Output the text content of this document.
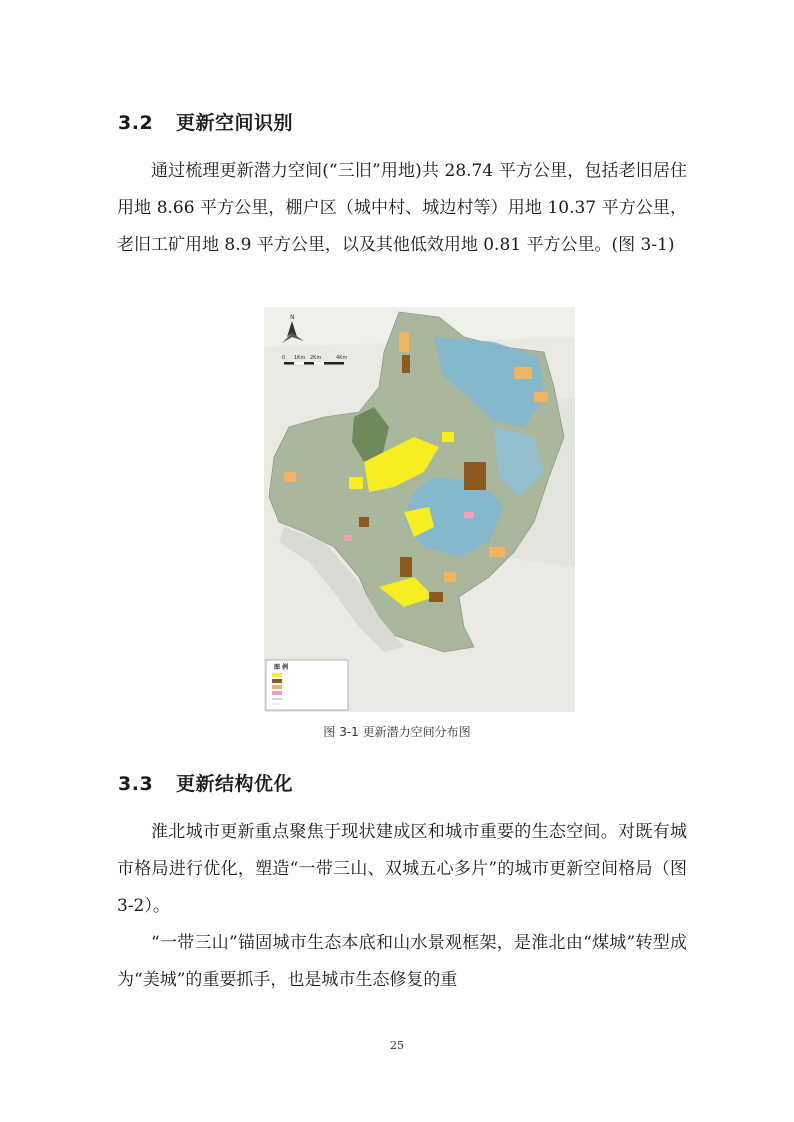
3.2 更新空间识别

通过梳理更新潜力空间(“三旧”用地)共 28.74 平方公里，包括老旧居住用地 8.66 平方公里，棚户区（城中村、城边村等）用地 10.37 平方公里，老旧工矿用地 8.9 平方公里，以及其他低效用地 0.81 平方公里。(图 3-1)

N
0 1Km 2Km	4Km
图 例
图 3-1 更新潜力空间分布图
3.3 更新结构优化

淮北城市更新重点聚焦于现状建成区和城市重要的生态空间。对既有城市格局进行优化，塑造“一带三山、双城五心多片”的城市更新空间格局（图 3-2）。

“一带三山”锚固城市生态本底和山水景观框架，是淮北由“煤城”转型成为“美城”的重要抓手，也是城市生态修复的重

25
